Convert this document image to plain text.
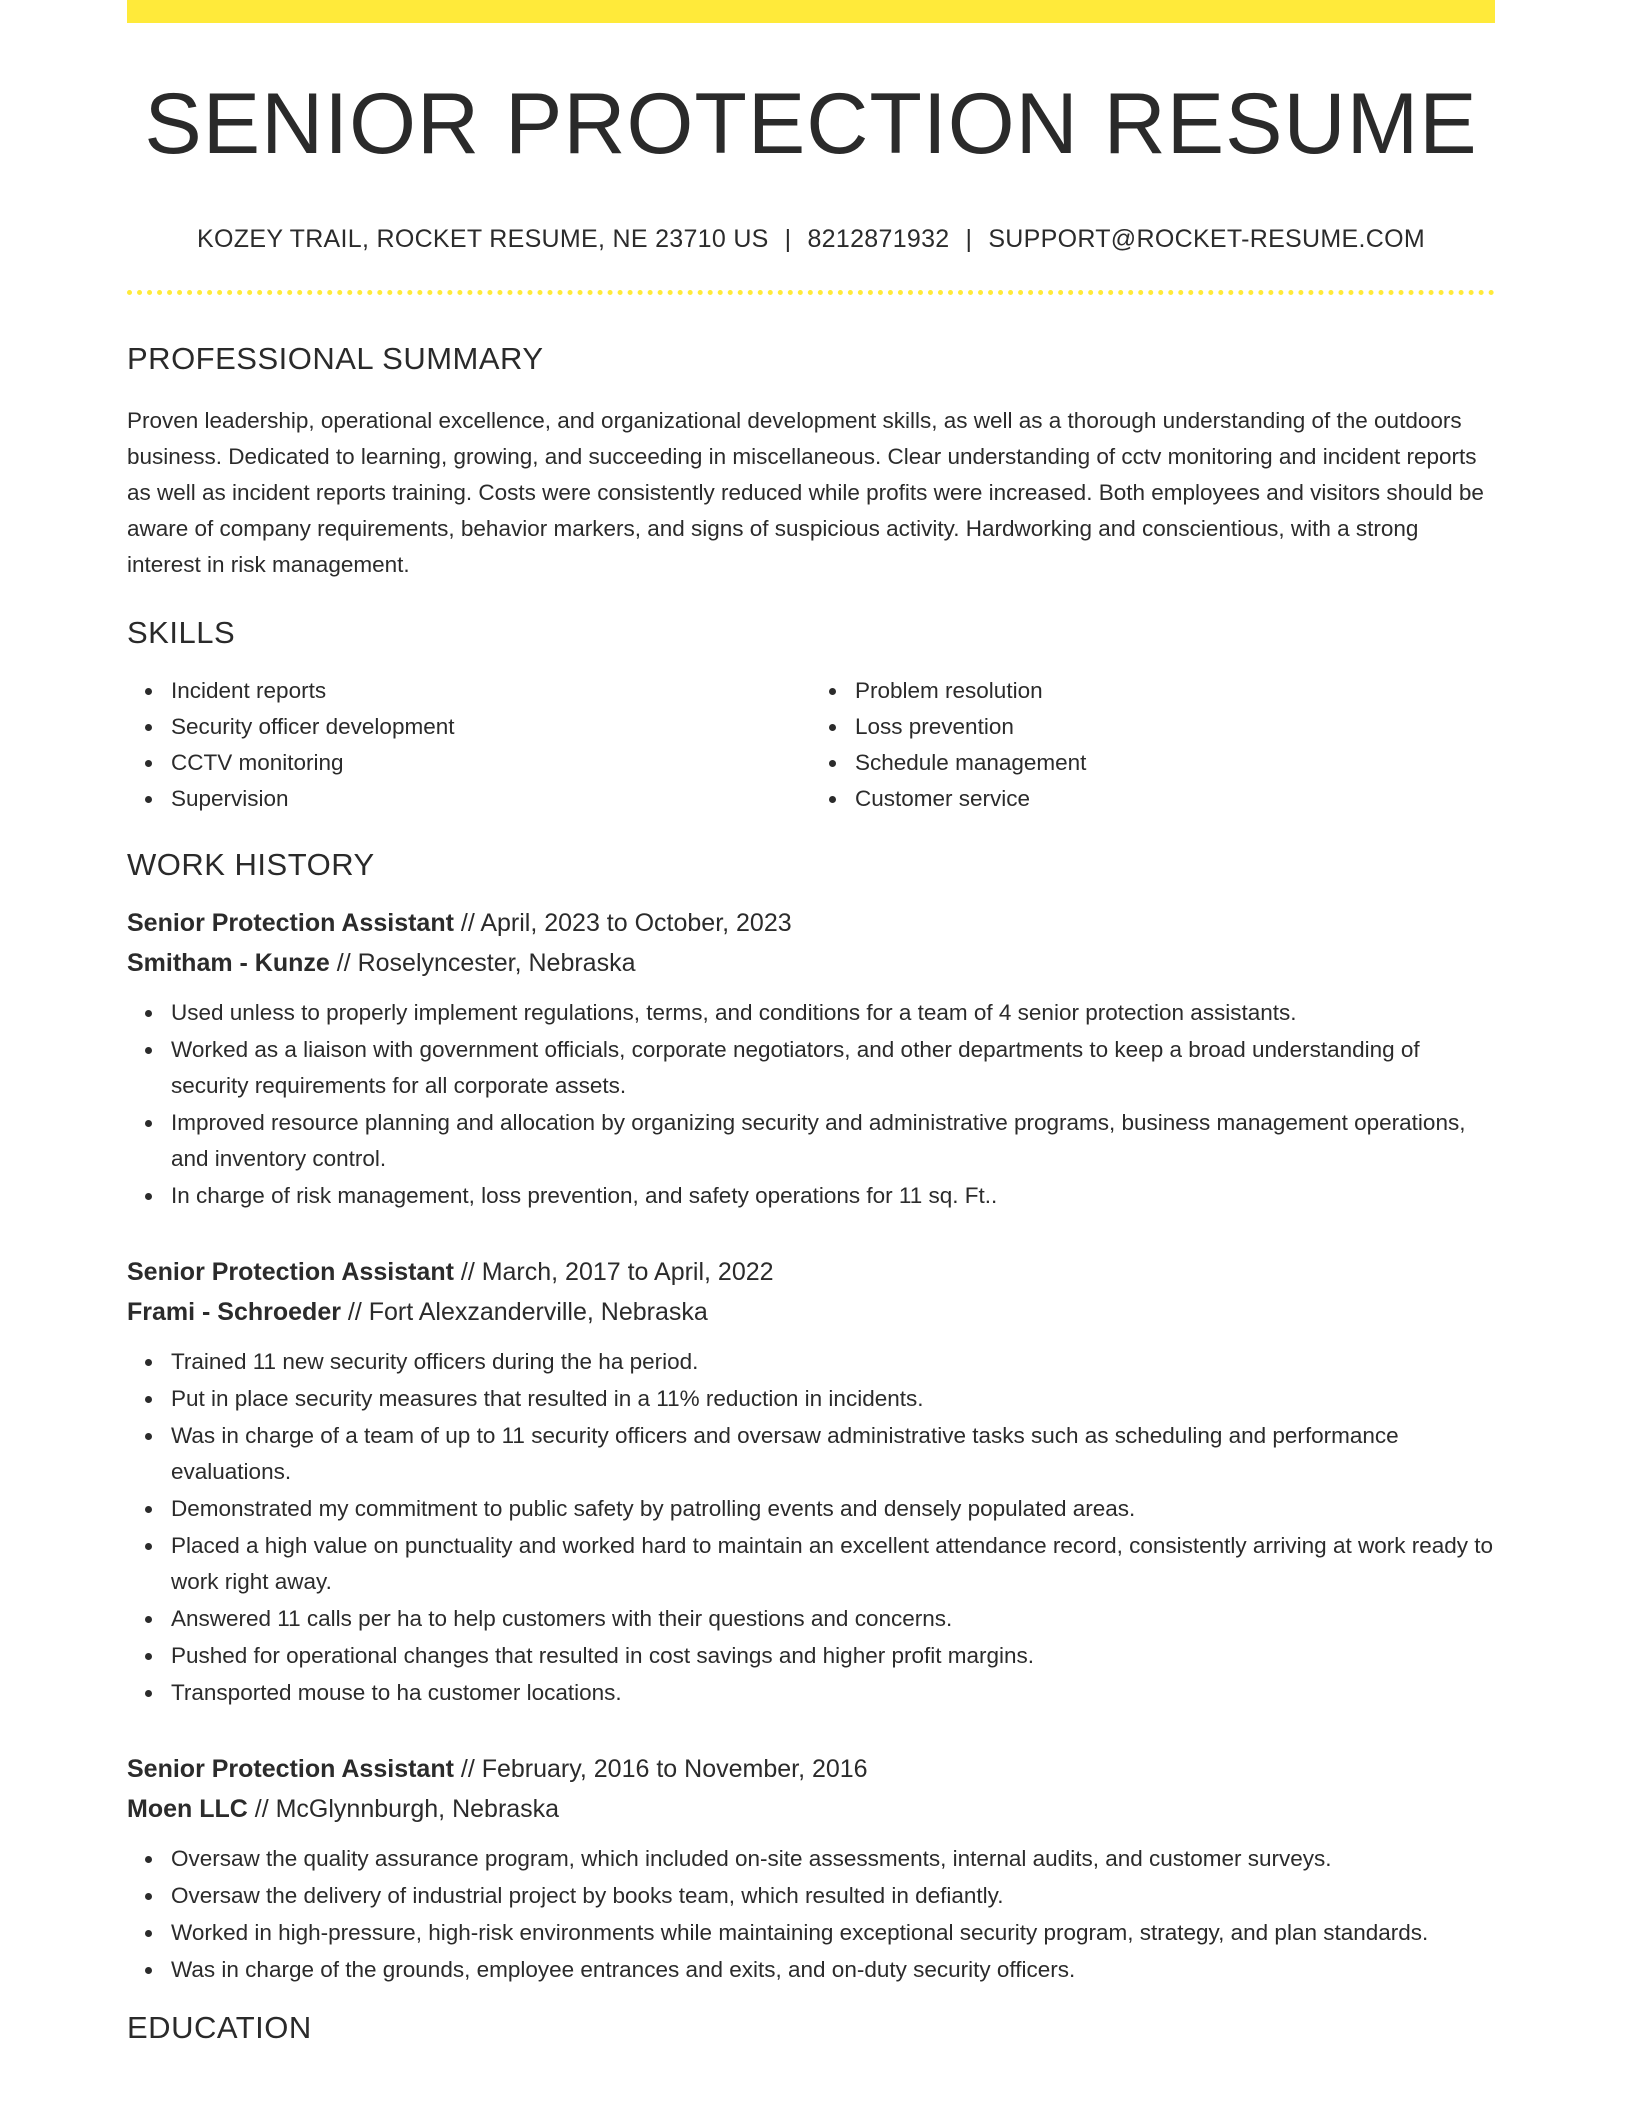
SENIOR PROTECTION RESUME
KOZEY TRAIL, ROCKET RESUME, NE 23710 US | 8212871932 | SUPPORT@ROCKET-RESUME.COM
PROFESSIONAL SUMMARY

Proven leadership, operational excellence, and organizational development skills, as well as a thorough understanding of the outdoors business. Dedicated to learning, growing, and succeeding in miscellaneous. Clear understanding of cctv monitoring and incident reports as well as incident reports training. Costs were consistently reduced while profits were increased. Both employees and visitors should be aware of company requirements, behavior markers, and signs of suspicious activity. Hardworking and conscientious, with a strong interest in risk management.

SKILLS
Incident reports
Security officer development
CCTV monitoring
Supervision
Problem resolution
Loss prevention
Schedule management
Customer service
WORK HISTORY
Senior Protection Assistant // April, 2023 to October, 2023
Smitham - Kunze // Roselyncester, Nebraska
Used unless to properly implement regulations, terms, and conditions for a team of 4 senior protection assistants.
Worked as a liaison with government officials, corporate negotiators, and other departments to keep a broad understanding of security requirements for all corporate assets.
Improved resource planning and allocation by organizing security and administrative programs, business management operations, and inventory control.
In charge of risk management, loss prevention, and safety operations for 11 sq. Ft..
Senior Protection Assistant // March, 2017 to April, 2022
Frami - Schroeder // Fort Alexzanderville, Nebraska
Trained 11 new security officers during the ha period.
Put in place security measures that resulted in a 11% reduction in incidents.
Was in charge of a team of up to 11 security officers and oversaw administrative tasks such as scheduling and performance evaluations.
Demonstrated my commitment to public safety by patrolling events and densely populated areas.
Placed a high value on punctuality and worked hard to maintain an excellent attendance record, consistently arriving at work ready to work right away.
Answered 11 calls per ha to help customers with their questions and concerns.
Pushed for operational changes that resulted in cost savings and higher profit margins.
Transported mouse to ha customer locations.
Senior Protection Assistant // February, 2016 to November, 2016
Moen LLC // McGlynnburgh, Nebraska
Oversaw the quality assurance program, which included on-site assessments, internal audits, and customer surveys.
Oversaw the delivery of industrial project by books team, which resulted in defiantly.
Worked in high-pressure, high-risk environments while maintaining exceptional security program, strategy, and plan standards.
Was in charge of the grounds, employee entrances and exits, and on-duty security officers.
EDUCATION
